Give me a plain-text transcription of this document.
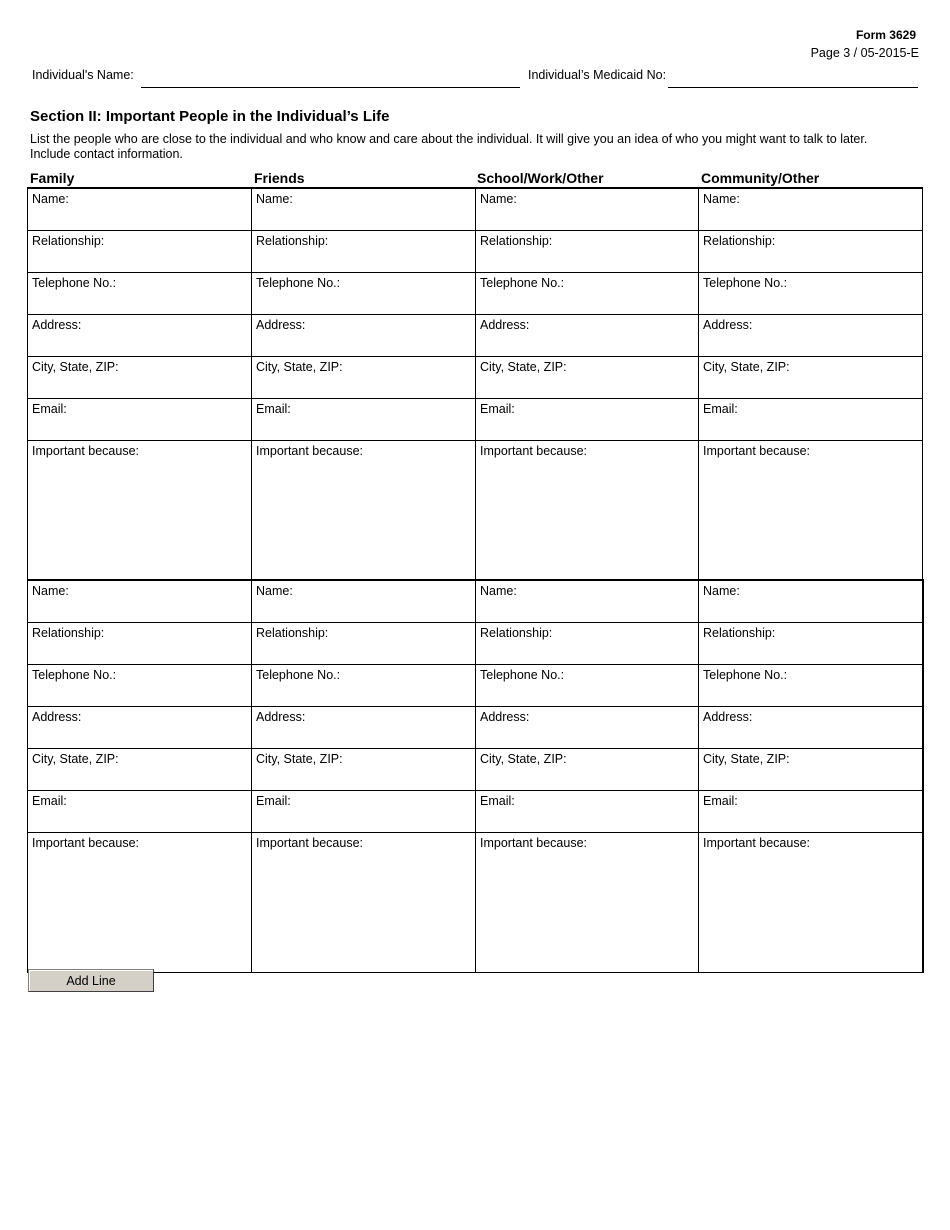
Form 3629
Page 3 / 05-2015-E
Individual's Name:	Individual’s Medicaid No:
Section II: Important People in the Individual’s Life
List the people who are close to the individual and who know and care about the individual. It will give you an idea of who you might want to talk to later.
Include contact information.
Family	Friends	School/Work/Other	Community/Other
Name:	Name:	Name:	Name:
Relationship:	Relationship:	Relationship:	Relationship:
Telephone No.:	Telephone No.:	Telephone No.:	Telephone No.:
Address:	Address:	Address:	Address:
City, State, ZIP:	City, State, ZIP:	City, State, ZIP:	City, State, ZIP:
Email:	Email:	Email:	Email:
Important because:	Important because:	Important because:	Important because:
Name:	Name:	Name:	Name:
Relationship:	Relationship:	Relationship:	Relationship:
Telephone No.:	Telephone No.:	Telephone No.:	Telephone No.:
Address:	Address:	Address:	Address:
City, State, ZIP:	City, State, ZIP:	City, State, ZIP:	City, State, ZIP:
Email:	Email:	Email:	Email:
Important because:	Important because:	Important because:	Important because:
Add Line
